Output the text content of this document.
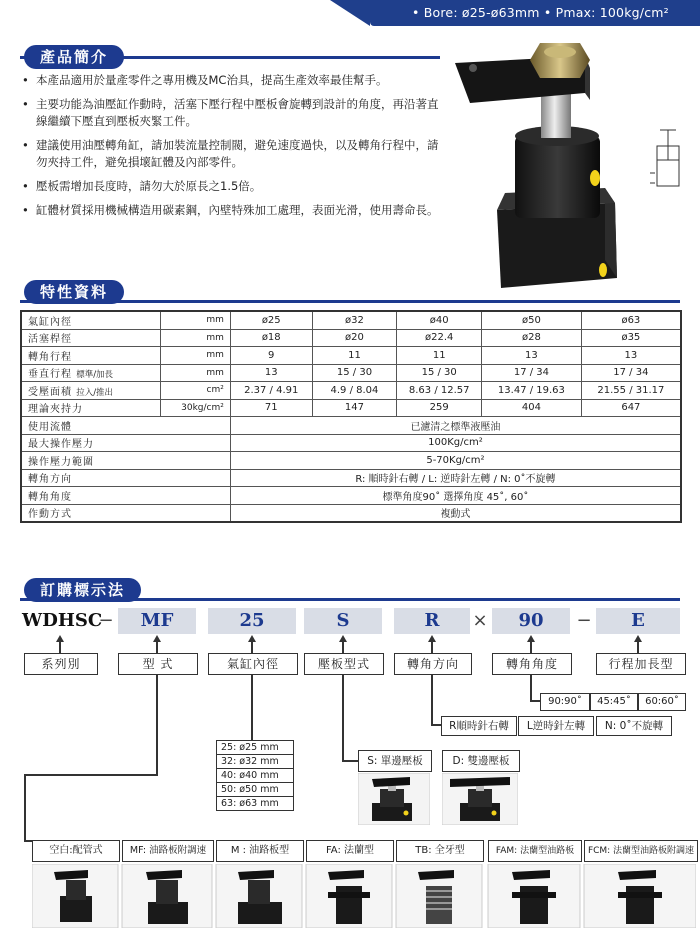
• Bore: ø25-ø63mm • Pmax: 100kg/cm²
產品簡介
• 本產品適用於量產零件之專用機及MC治具，提高生產效率最佳幫手。
• 主要功能為油壓缸作動時，活塞下壓行程中壓板會旋轉到設計的角度，再沿著直線繼續下壓直到壓板夾緊工件。
• 建議使用油壓轉角缸，請加裝流量控制閥，避免速度過快，以及轉角行程中，請勿夾持工件，避免損壞缸體及內部零件。
• 壓板需增加長度時，請勿大於原長之1.5倍。
• 缸體材質採用機械構造用碳素鋼，內壁特殊加工處理，表面光滑，使用壽命長。
特性資料
氣缸內徑	mm	ø25	ø32	ø40	ø50	ø63
活塞桿徑	mm	ø18	ø20	ø22.4	ø28	ø35
轉角行程	mm	9	11	11	13	13
垂直行程 標準/加長	mm	13	15 / 30	15 / 30	17 / 34	17 / 34
受壓面積 拉入/推出	cm²	2.37 / 4.91	4.9 / 8.04	8.63 / 12.57	13.47 / 19.63	21.55 / 31.17
理論夾持力	30kg/cm²	71	147	259	404	647
使用流體		已濾清之標準液壓油				
最大操作壓力		100Kg/cm²				
操作壓力範圍		5-70Kg/cm²				
轉角方向		R: 順時針右轉 / L: 逆時針左轉 / N: 0˚不旋轉				
轉角角度		標準角度90˚ 選擇角度 45˚, 60˚				
作動方式		複動式				
訂購標示法
WDHSC
−	MF	25	S	R	×	90	−	E
系列別	型 式	氣缸內徑	壓板型式	轉角方向	轉角角度	行程加長型
90:90˚	45:45˚	60:60˚
R順時針右轉	L逆時針左轉	N: 0˚不旋轉
S: 單邊壓板	D: 雙邊壓板
25: ø25 mm
32: ø32 mm
40: ø40 mm
50: ø50 mm
63: ø63 mm
空白:配管式	MF: 油路板附調速	M : 油路板型	FA: 法蘭型	TB: 全牙型	FAM: 法蘭型油路板	FCM: 法蘭型油路板附調速
